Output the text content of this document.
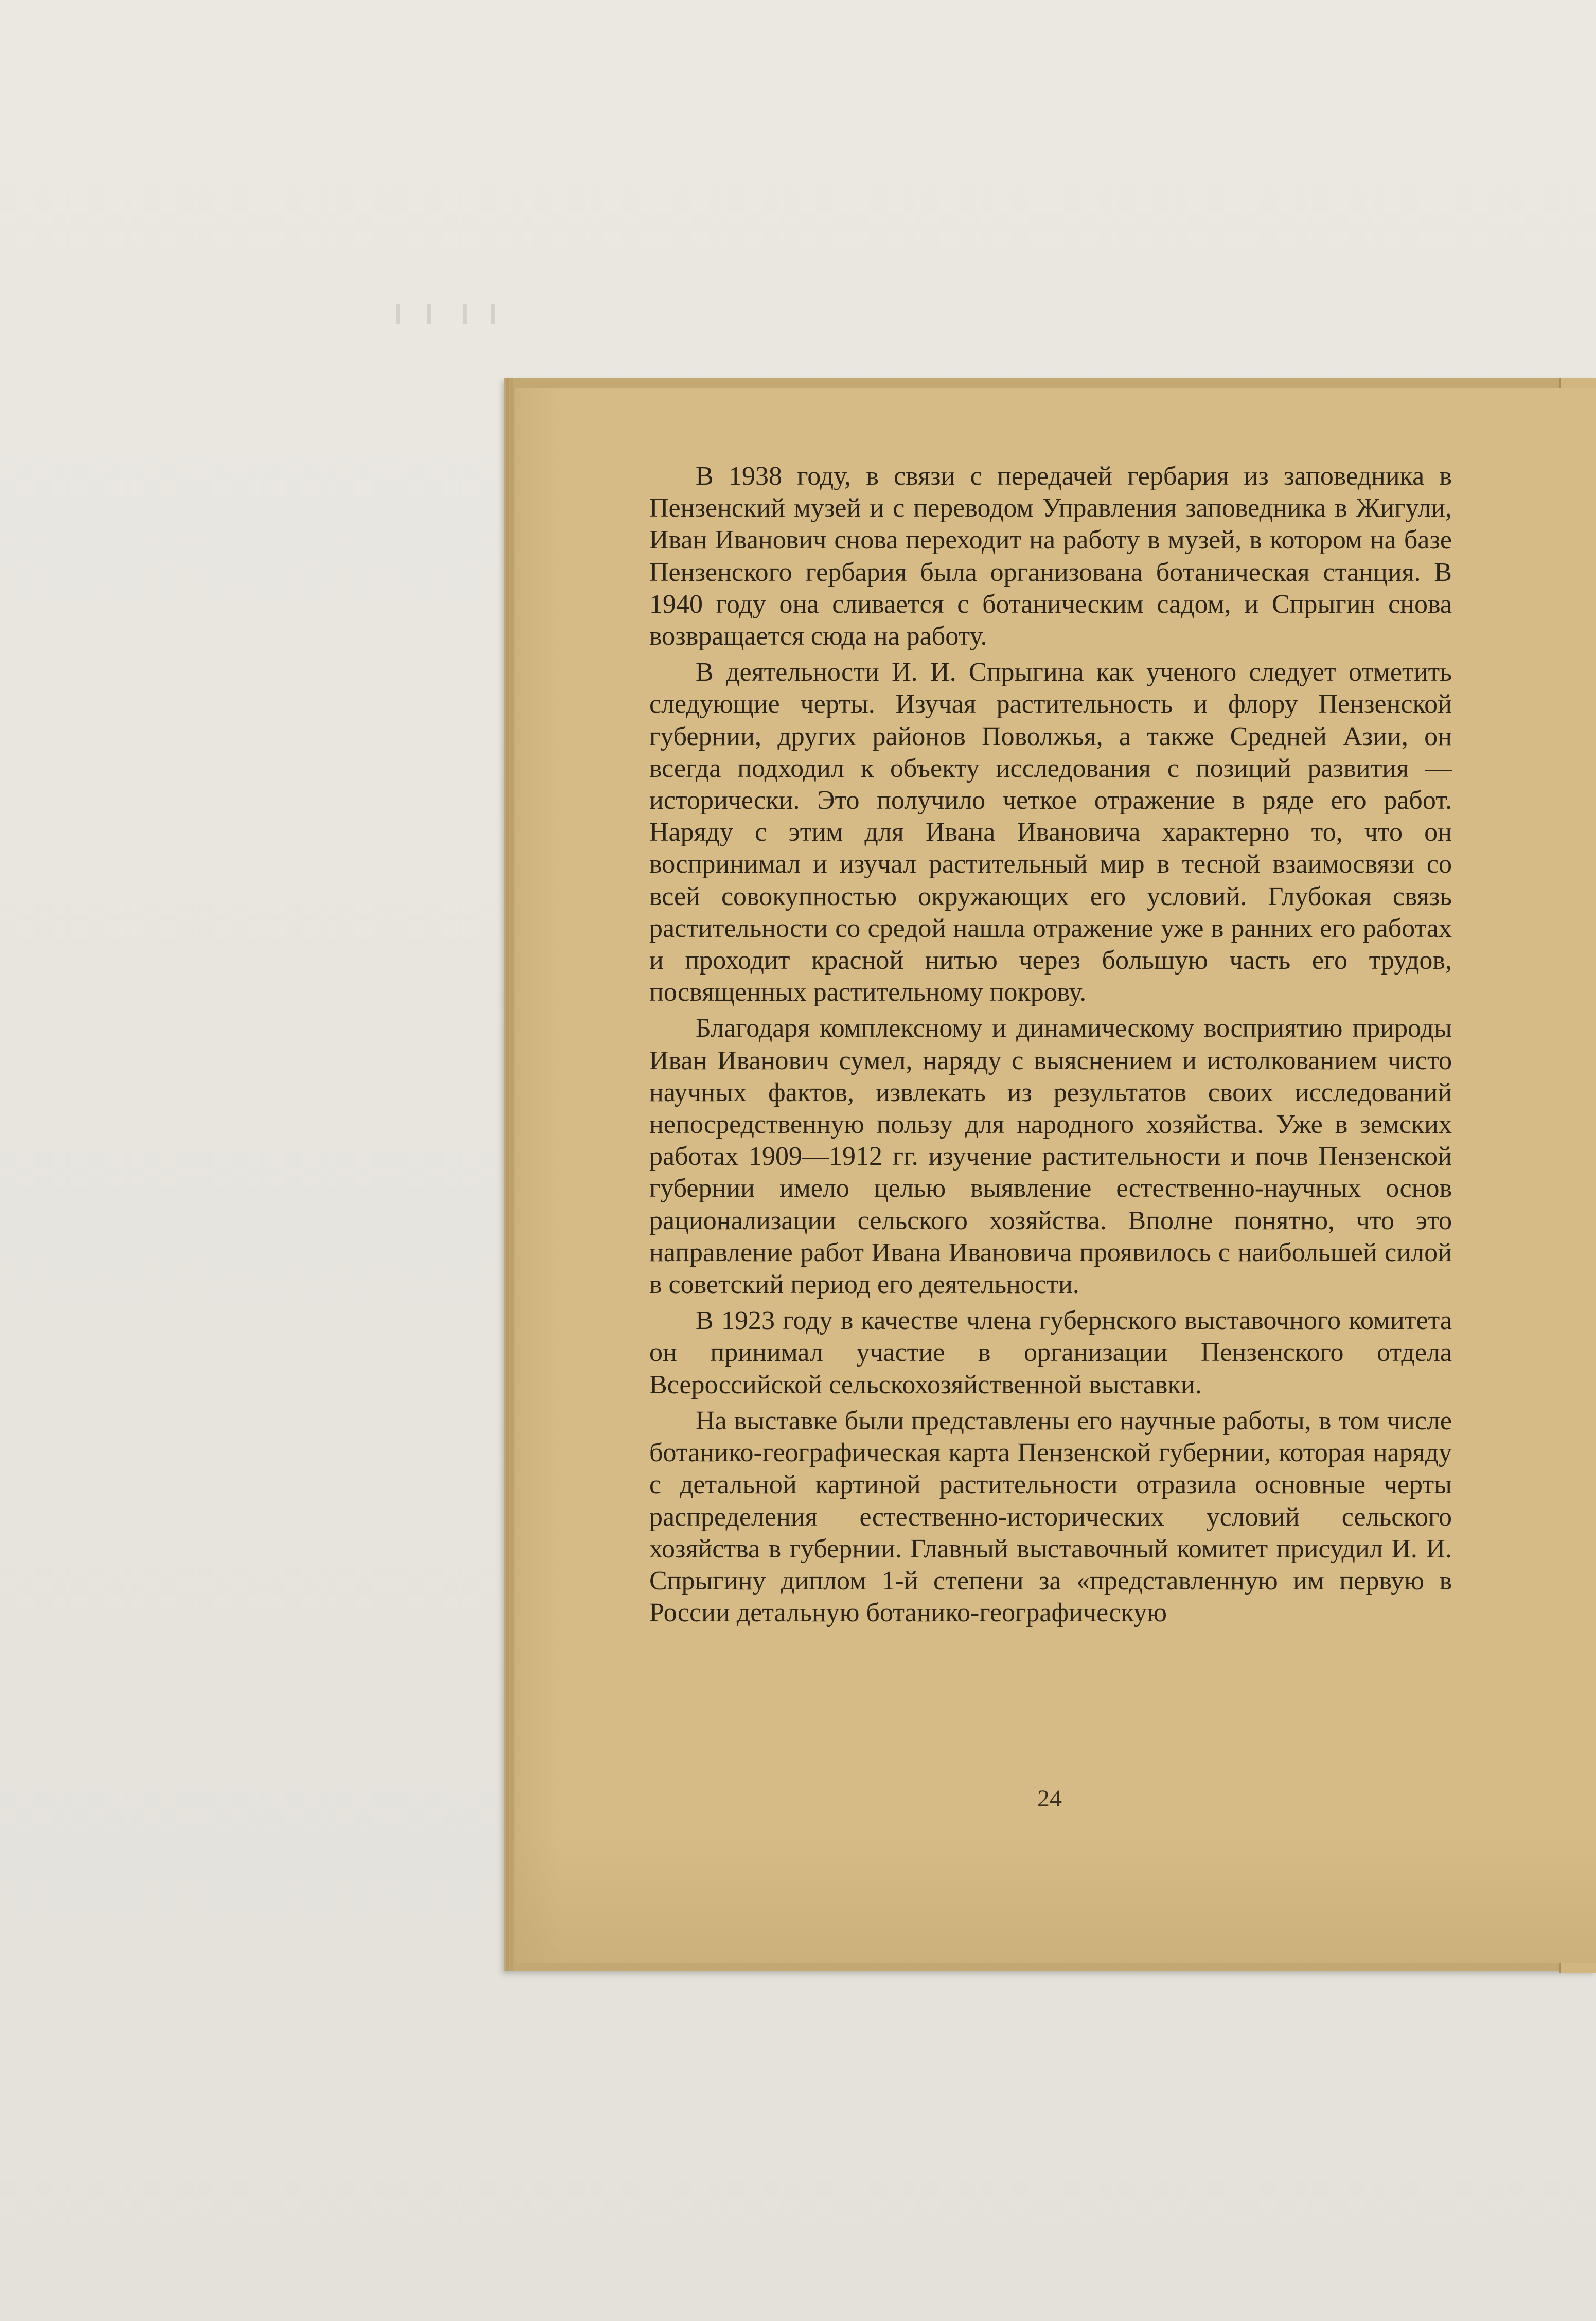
В 1938 году, в связи с передачей гербария из заповедника в Пензенский музей и с переводом Управления заповедника в Жигули, Иван Иванович снова переходит на работу в музей, в котором на базе Пензенского гербария была организована ботаническая станция. В 1940 году она сливается с ботаническим садом, и Спрыгин снова возвращается сюда на работу.

В деятельности И. И. Спрыгина как ученого следует отметить следующие черты. Изучая растительность и флору Пензенской губернии, других районов Поволжья, а также Средней Азии, он всегда подходил к объекту исследования с позиций развития — исторически. Это получило четкое отражение в ряде его работ. Наряду с этим для Ивана Ивановича характерно то, что он воспринимал и изучал растительный мир в тесной взаимосвязи со всей совокупностью окружающих его условий. Глубокая связь растительности со средой нашла отражение уже в ранних его работах и проходит красной нитью через большую часть его трудов, посвященных растительному покрову.

Благодаря комплексному и динамическому восприятию природы Иван Иванович сумел, наряду с выяснением и истолкованием чисто научных фактов, извлекать из результатов своих исследований непосредственную пользу для народного хозяйства. Уже в земских работах 1909—1912 гг. изучение растительности и почв Пензенской губернии имело целью выявление естественно-научных основ рационализации сельского хозяйства. Вполне понятно, что это направление работ Ивана Ивановича проявилось с наибольшей силой в советский период его деятельности.

В 1923 году в качестве члена губернского выставочного комитета он принимал участие в организации Пензенского отдела Всероссийской сельскохозяйственной выставки.

На выставке были представлены его научные работы, в том числе ботанико-географическая карта Пензенской губернии, которая наряду с детальной картиной растительности отразила основные черты распределения естественно-исторических условий сельского хозяйства в губернии. Главный выставочный комитет присудил И. И. Спрыгину диплом 1-й степени за «представленную им первую в России детальную ботанико-географическую

24
